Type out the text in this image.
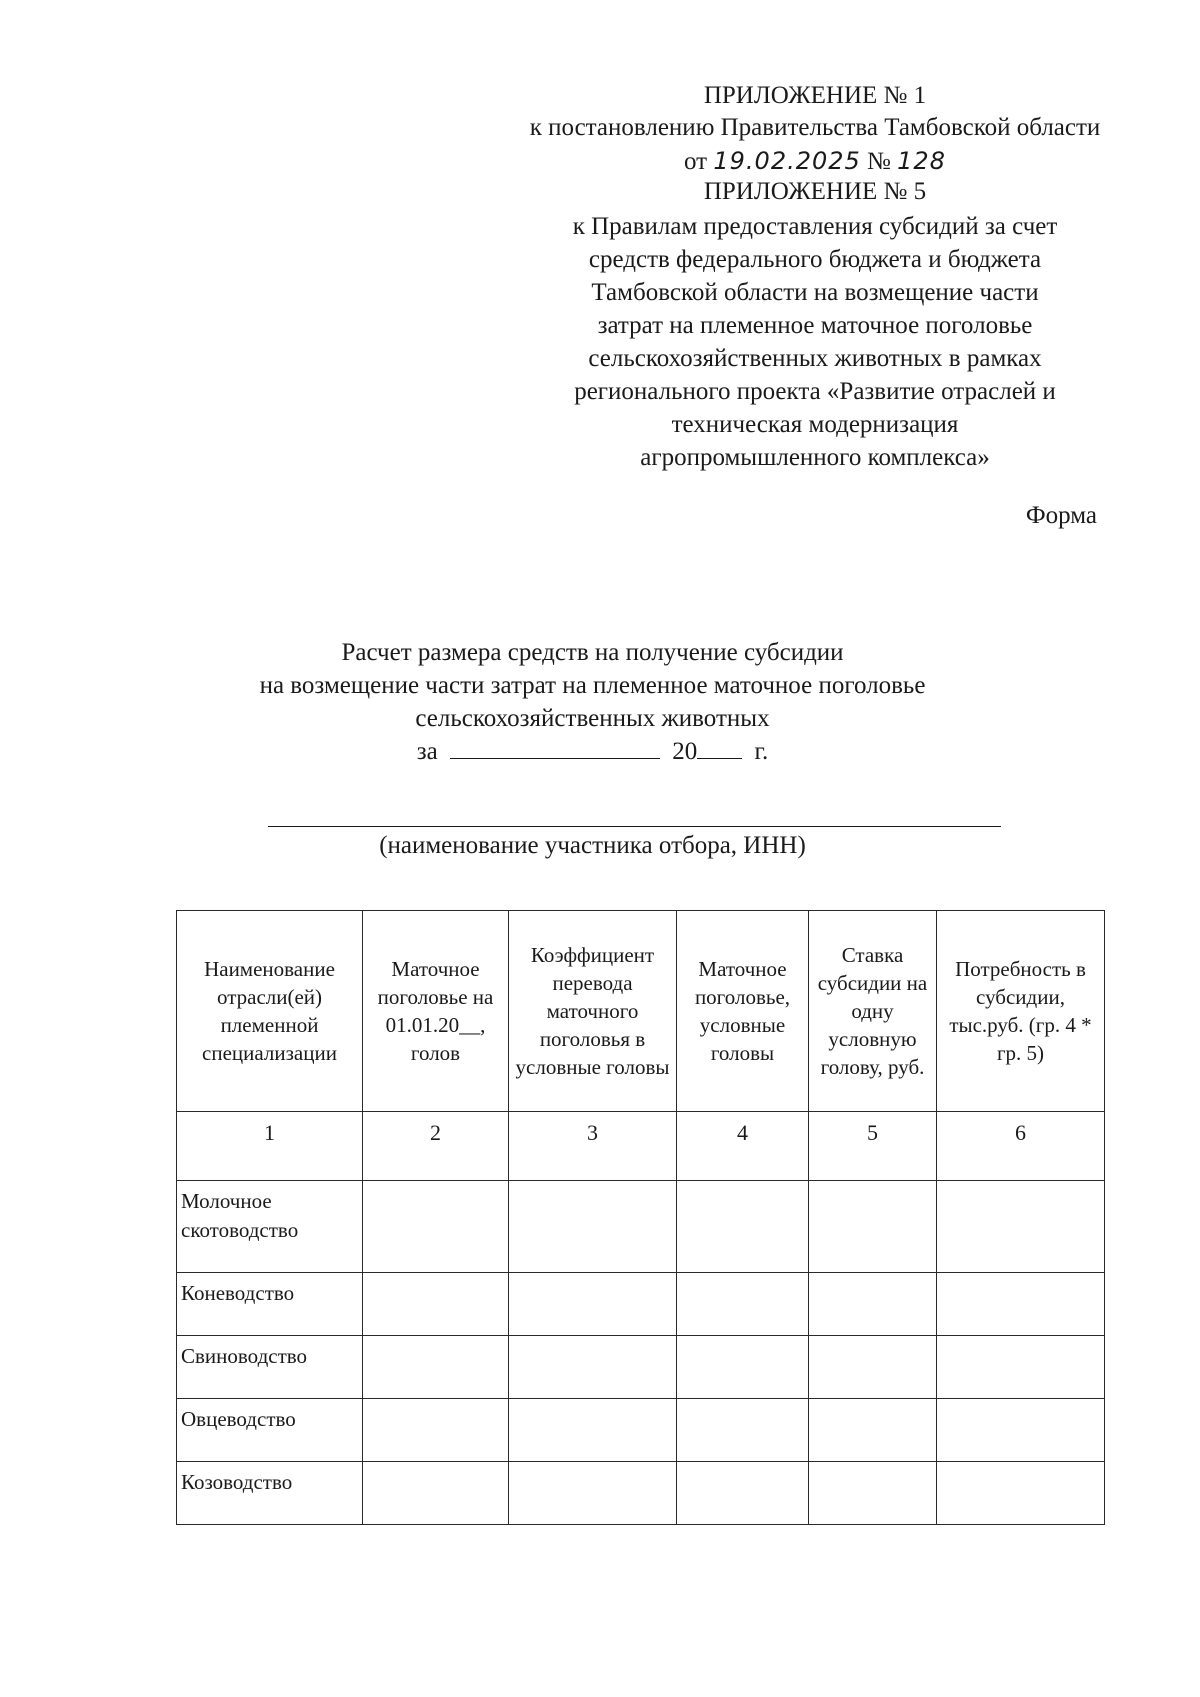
ПРИЛОЖЕНИЕ № 1
к постановлению Правительства Тамбовской области
от 19.02.2025 № 128
ПРИЛОЖЕНИЕ № 5
к Правилам предоставления субсидий за счет
средств федерального бюджета и бюджета
Тамбовской области на возмещение части
затрат на племенное маточное поголовье
сельскохозяйственных животных в рамках
регионального проекта «Развитие отраслей и
техническая модернизация
агропромышленного комплекса»
Форма
Расчет размера средств на получение субсидии
на возмещение части затрат на племенное маточное поголовье
сельскохозяйственных животных
за	20 г.
(наименование участника отбора, ИНН)
Наименование отрасли(ей) племенной специализации	Маточное поголовье на 01.01.20__, голов	Коэффициент перевода маточного поголовья в условные головы	Маточное поголовье, условные головы	Ставка субсидии на одну условную голову, руб.	Потребность в субсидии, тыс.руб. (гр. 4 * гр. 5)
1	2	3	4	5	6
Молочное скотоводство					
Коневодство					
Свиноводство					
Овцеводство					
Козоводство					
